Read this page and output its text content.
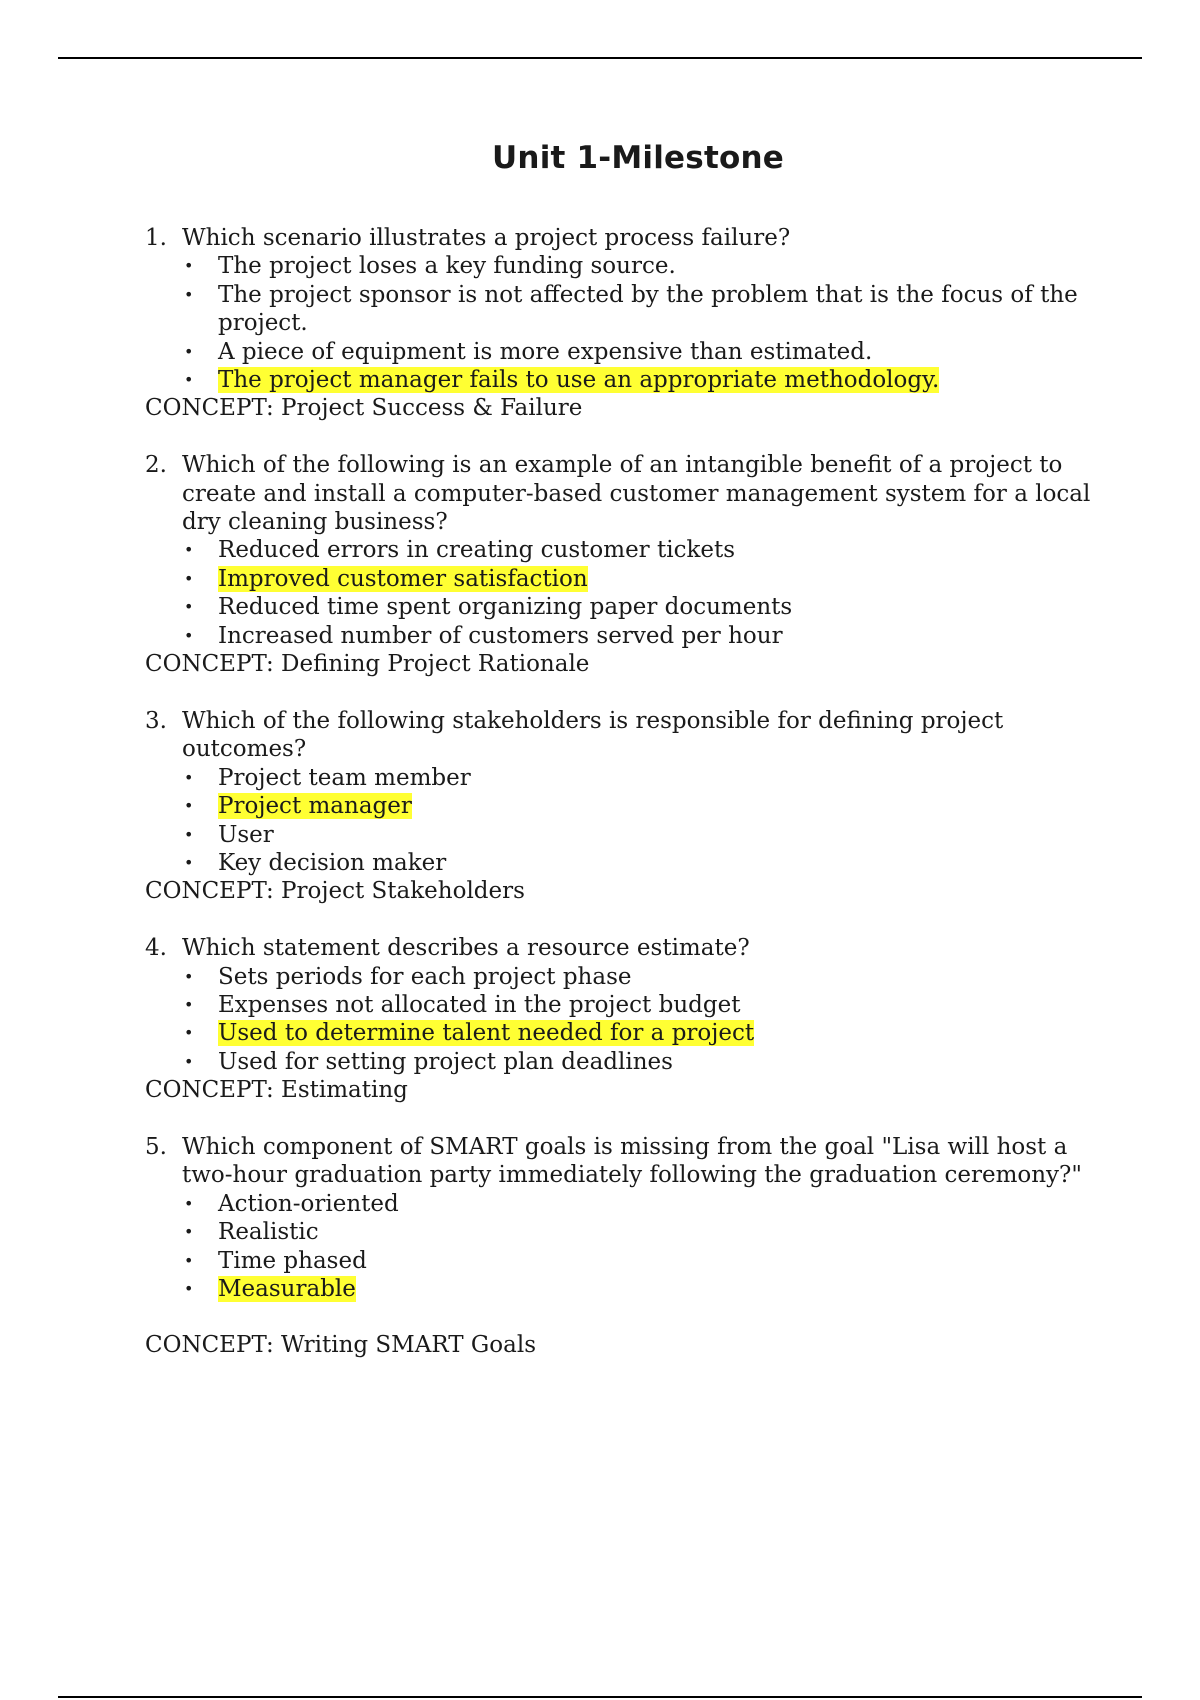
Unit 1-Milestone
1. Which scenario illustrates a project process failure?
•	The project loses a key funding source.
•	The project sponsor is not affected by the problem that is the focus of the project.
•	A piece of equipment is more expensive than estimated.
•	The project manager fails to use an appropriate methodology.

CONCEPT: Project Success & Failure

2. Which of the following is an example of an intangible benefit of a project to create and install a computer-based customer management system for a local dry cleaning business?
•	Reduced errors in creating customer tickets
•	Improved customer satisfaction
•	Reduced time spent organizing paper documents
•	Increased number of customers served per hour

CONCEPT: Defining Project Rationale

3. Which of the following stakeholders is responsible for defining project outcomes?
•	Project team member
•	Project manager
•	User
•	Key decision maker

CONCEPT: Project Stakeholders

4. Which statement describes a resource estimate?
•	Sets periods for each project phase
•	Expenses not allocated in the project budget
•	Used to determine talent needed for a project
•	Used for setting project plan deadlines

CONCEPT: Estimating

5. Which component of SMART goals is missing from the goal "Lisa will host a two-hour graduation party immediately following the graduation ceremony?"
•	Action-oriented
•	Realistic
•	Time phased
•	Measurable

CONCEPT: Writing SMART Goals
